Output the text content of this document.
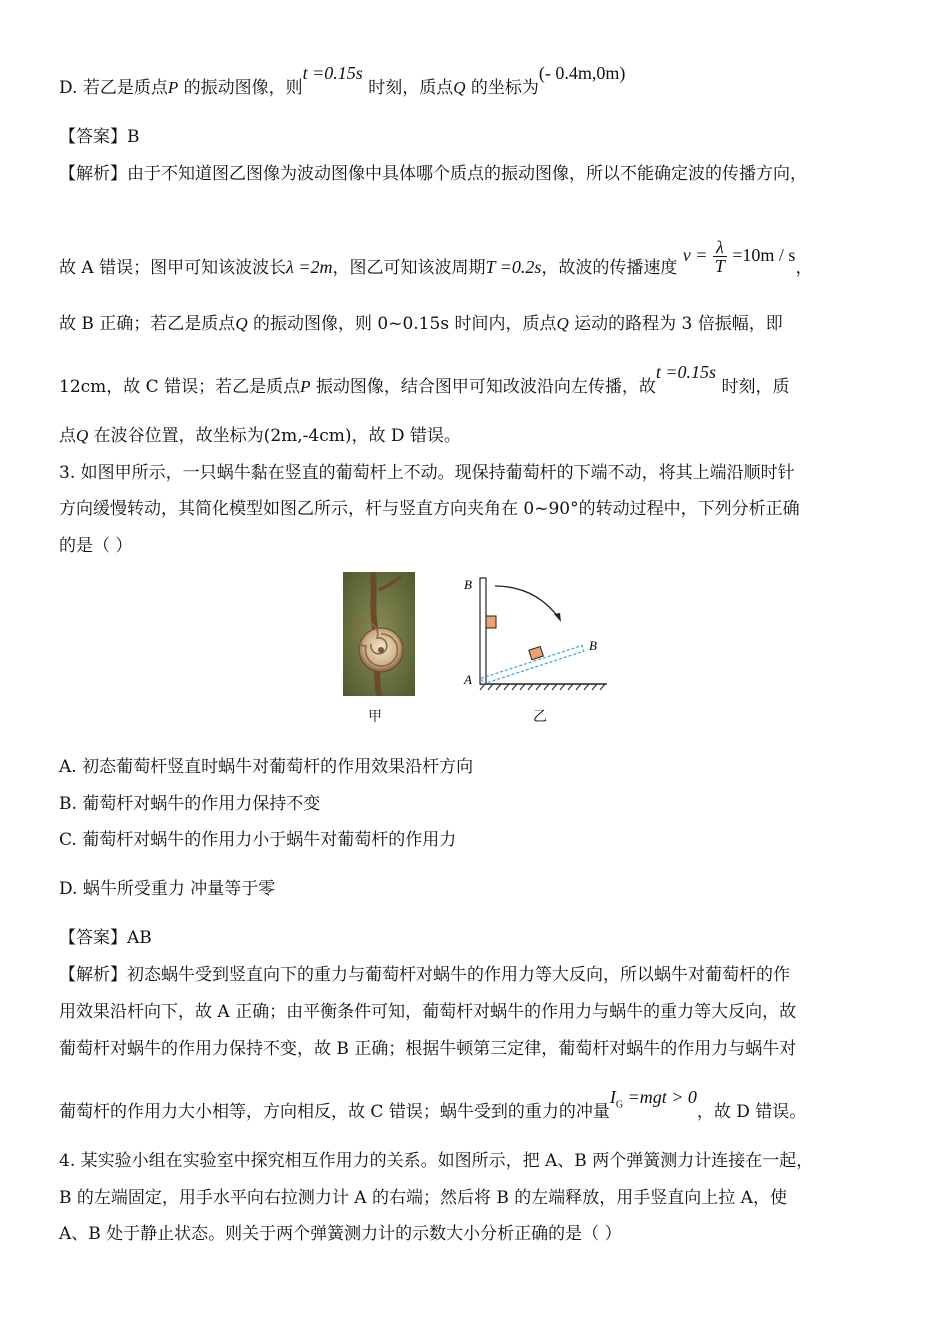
D. 若乙是质点P 的振动图像，则t =0.15s 时刻，质点Q 的坐标为(- 0.4m,0m)
【答案】B
【解析】由于不知道图乙图像为波动图像中具体哪个质点的振动图像，所以不能确定波的传播方向，
故 A 错误；图甲可知该波波长λ =2m，图乙可知该波周期T =0.2s，故波的传播速度 $v = \frac{\lambda}{T} =10m / s$，
故 B 正确；若乙是质点Q 的振动图像，则 0~0.15s 时间内，质点Q 运动的路程为 3 倍振幅，即
12cm，故 C 错误；若乙是质点P 振动图像，结合图甲可知改波沿向左传播，故t =0.15s 时刻，质
点Q 在波谷位置，故坐标为(2m,-4cm)，故 D 错误。
3. 如图甲所示，一只蜗牛黏在竖直的葡萄杆上不动。现保持葡萄杆的下端不动，将其上端沿顺时针
方向缓慢转动，其简化模型如图乙所示，杆与竖直方向夹角在 0~90°的转动过程中，下列分析正确
的是（ ）
甲
B
B
A
乙
A. 初态葡萄杆竖直时蜗牛对葡萄杆的作用效果沿杆方向
B. 葡萄杆对蜗牛的作用力保持不变
C. 葡萄杆对蜗牛的作用力小于蜗牛对葡萄杆的作用力
D. 蜗牛所受重力 冲量等于零
【答案】AB
【解析】初态蜗牛受到竖直向下的重力与葡萄杆对蜗牛的作用力等大反向，所以蜗牛对葡萄杆的作
用效果沿杆向下，故 A 正确；由平衡条件可知，葡萄杆对蜗牛的作用力与蜗牛的重力等大反向，故
葡萄杆对蜗牛的作用力保持不变，故 B 正确；根据牛顿第三定律，葡萄杆对蜗牛的作用力与蜗牛对
葡萄杆的作用力大小相等，方向相反，故 C 错误；蜗牛受到的重力的冲量$I_G =mgt > 0$，故 D 错误。
4. 某实验小组在实验室中探究相互作用力的关系。如图所示，把 A、B 两个弹簧测力计连接在一起，
B 的左端固定，用手水平向右拉测力计 A 的右端；然后将 B 的左端释放，用手竖直向上拉 A，使
A、B 处于静止状态。则关于两个弹簧测力计的示数大小分析正确的是（ ）
